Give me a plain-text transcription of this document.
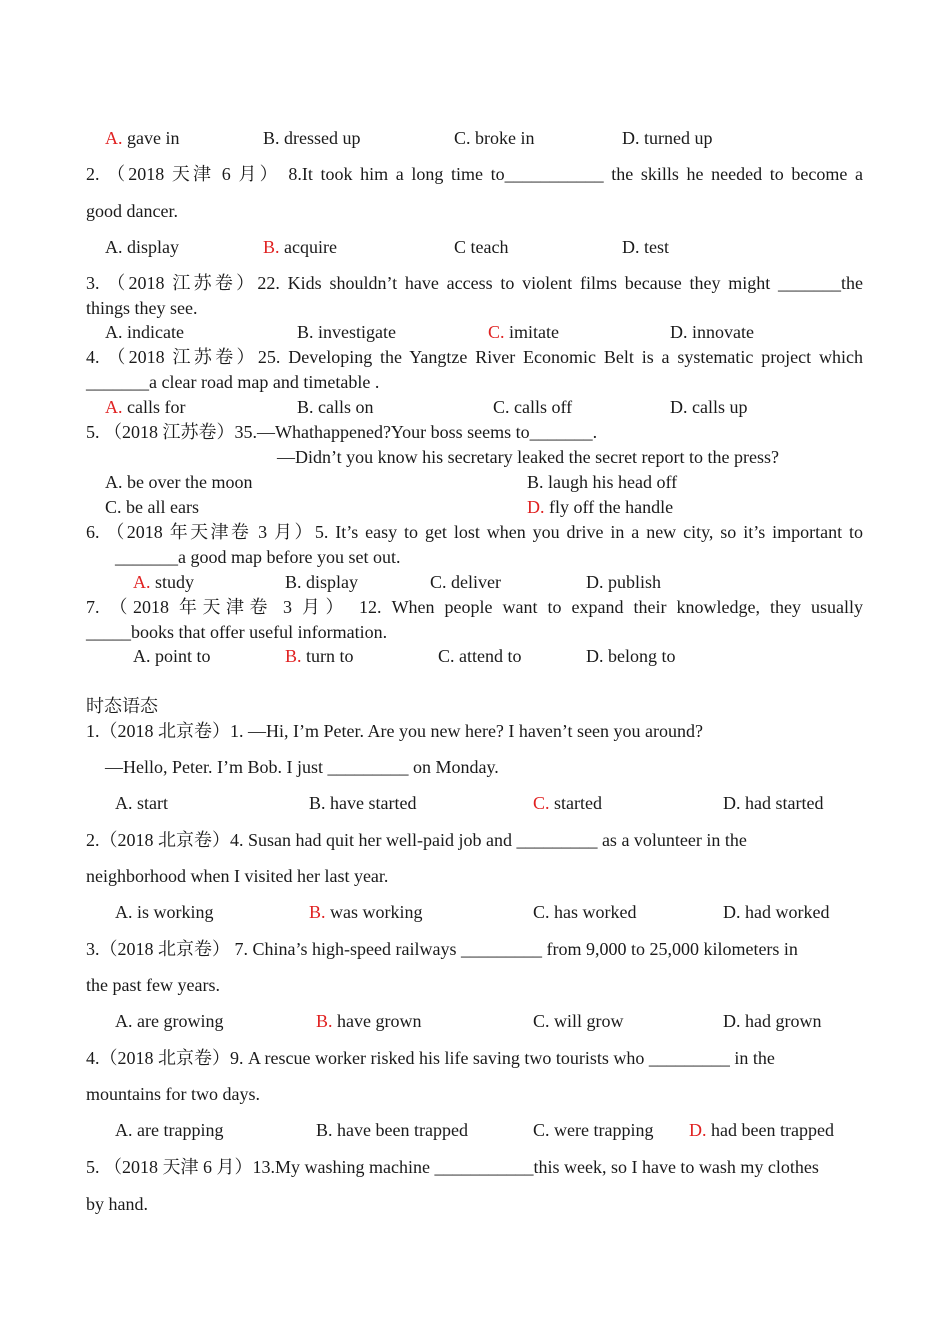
A. gave in	B. dressed up	C. broke in	D. turned up
2. （2018 天津 6 月） 8.It took him a long time to___________ the skills he needed to become a
good dancer.
A. display	B. acquire	C teach	D. test
3. （2018 江苏卷）22. Kids shouldn’t have access to violent films because they might _______the
things they see.
A. indicate	B. investigate	C. imitate	D. innovate
4. （2018 江苏卷）25. Developing the Yangtze River Economic Belt is a systematic project which
_______a clear road map and timetable .
A. calls for	B. calls on	C. calls off	D. calls up
5. （2018 江苏卷）35.—Whathappened?Your boss seems to_______.
—Didn’t you know his secretary leaked the secret report to the press?
A. be over the moon	B. laugh his head off
C. be all ears	D. fly off the handle
6. （2018 年天津卷 3 月）5. It’s easy to get lost when you drive in a new city, so it’s important to
_______a good map before you set out.
A. study	B. display	C. deliver	D. publish
7. （2018 年天津卷 3 月） 12. When people want to expand their knowledge, they usually
_____books that offer useful information.
A. point to	B. turn to	C. attend to	D. belong to
时态语态
1.（2018 北京卷）1. —Hi, I’m Peter. Are you new here? I haven’t seen you around?
—Hello, Peter. I’m Bob. I just _________ on Monday.
A. start	B. have started	C. started	D. had started
2.（2018 北京卷）4. Susan had quit her well-paid job and _________ as a volunteer in the
neighborhood when I visited her last year.
A. is working	B. was working	C. has worked	D. had worked
3.（2018 北京卷） 7. China’s high-speed railways _________ from 9,000 to 25,000 kilometers in
the past few years.
A. are growing	B. have grown	C. will grow	D. had grown
4.（2018 北京卷）9. A rescue worker risked his life saving two tourists who _________ in the
mountains for two days.
A. are trapping	B. have been trapped	C. were trapping D. had been trapped
5. （2018 天津 6 月）13.My washing machine ___________this week, so I have to wash my clothes
by hand.
